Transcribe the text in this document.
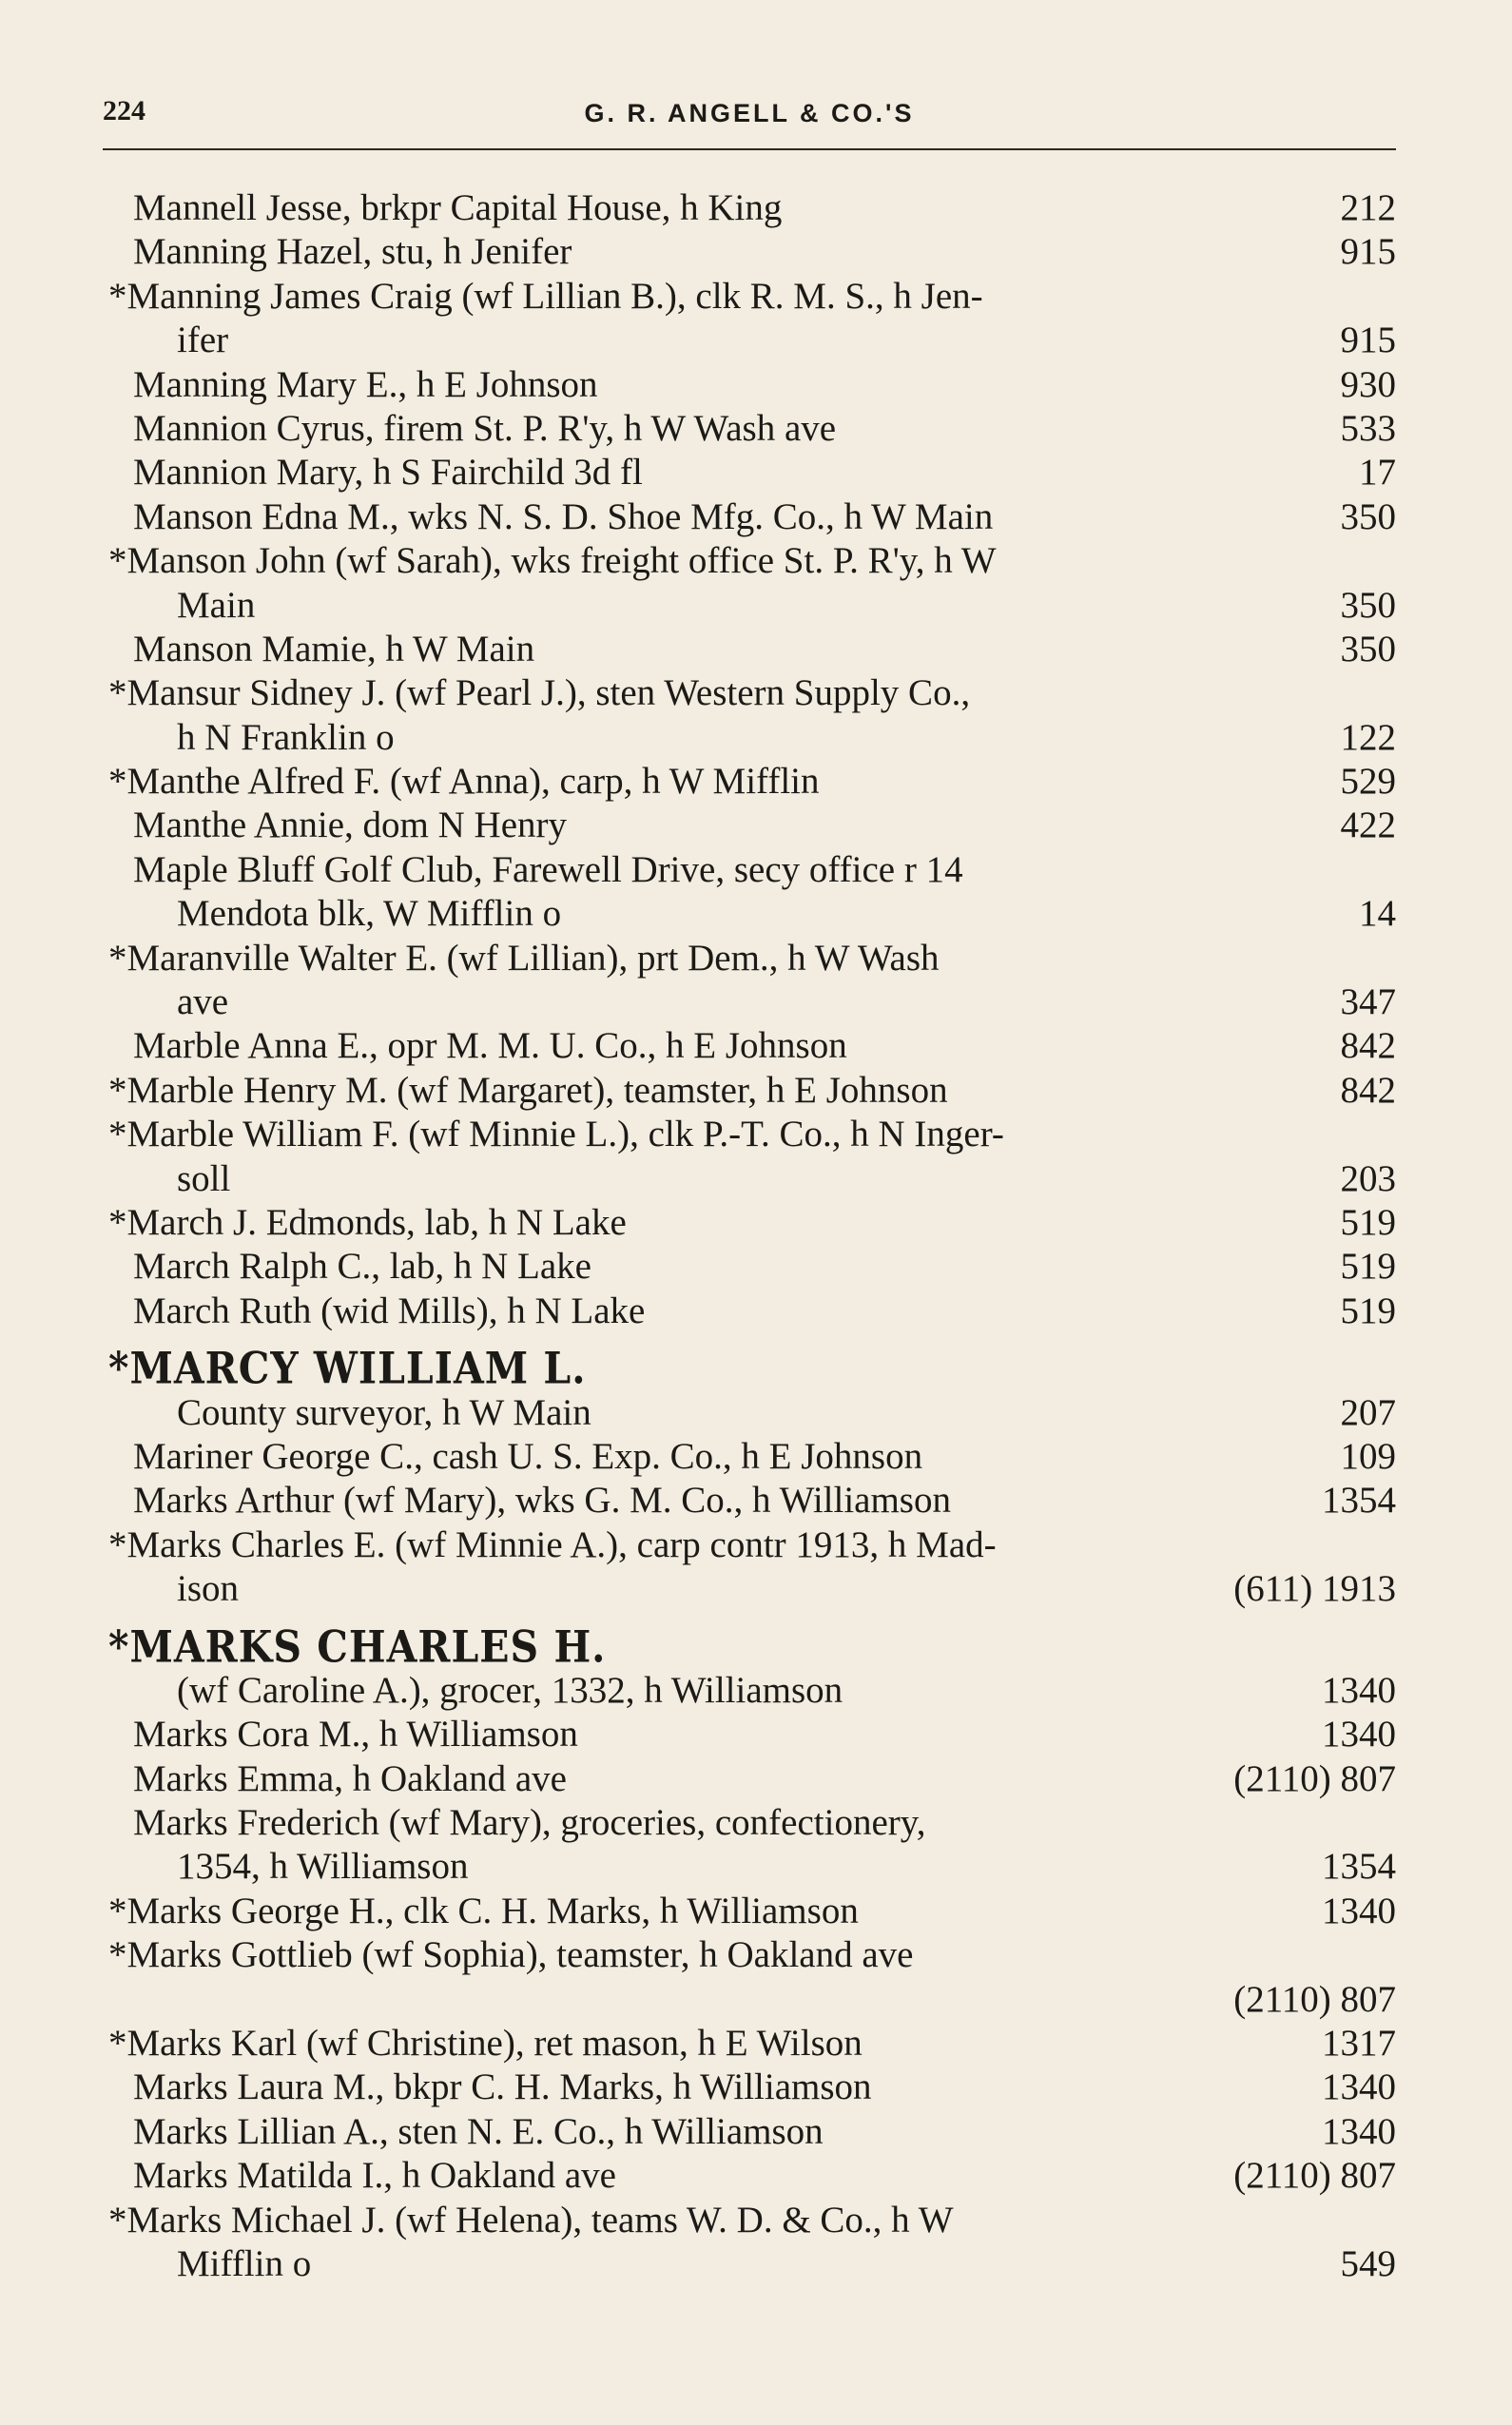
224	G. R. ANGELL & CO.'S
Mannell Jesse, brkpr Capital House, h King	212
Manning Hazel, stu, h Jenifer	915
*Manning James Craig (wf Lillian B.), clk R. M. S., h Jen-
ifer	915
Manning Mary E., h E Johnson	930
Mannion Cyrus, firem St. P. R'y, h W Wash ave	533
Mannion Mary, h S Fairchild 3d fl	17
Manson Edna M., wks N. S. D. Shoe Mfg. Co., h W Main	350
*Manson John (wf Sarah), wks freight office St. P. R'y, h W
Main	350
Manson Mamie, h W Main	350
*Mansur Sidney J. (wf Pearl J.), sten Western Supply Co.,
h N Franklin o	122
*Manthe Alfred F. (wf Anna), carp, h W Mifflin	529
Manthe Annie, dom N Henry	422
Maple Bluff Golf Club, Farewell Drive, secy office r 14
Mendota blk, W Mifflin o	14
*Maranville Walter E. (wf Lillian), prt Dem., h W Wash
ave	347
Marble Anna E., opr M. M. U. Co., h E Johnson	842
*Marble Henry M. (wf Margaret), teamster, h E Johnson	842
*Marble William F. (wf Minnie L.), clk P.-T. Co., h N Inger-
soll	203
*March J. Edmonds, lab, h N Lake	519
March Ralph C., lab, h N Lake	519
March Ruth (wid Mills), h N Lake	519
*MARCY WILLIAM L.
County surveyor, h W Main	207
Mariner George C., cash U. S. Exp. Co., h E Johnson	109
Marks Arthur (wf Mary), wks G. M. Co., h Williamson	1354
*Marks Charles E. (wf Minnie A.), carp contr 1913, h Mad-
ison	(611) 1913
*MARKS CHARLES H.
(wf Caroline A.), grocer, 1332, h Williamson	1340
Marks Cora M., h Williamson	1340
Marks Emma, h Oakland ave	(2110) 807
Marks Frederich (wf Mary), groceries, confectionery,
1354, h Williamson	1354
*Marks George H., clk C. H. Marks, h Williamson	1340
*Marks Gottlieb (wf Sophia), teamster, h Oakland ave
(2110) 807
*Marks Karl (wf Christine), ret mason, h E Wilson	1317
Marks Laura M., bkpr C. H. Marks, h Williamson	1340
Marks Lillian A., sten N. E. Co., h Williamson	1340
Marks Matilda I., h Oakland ave	(2110) 807
*Marks Michael J. (wf Helena), teams W. D. & Co., h W
Mifflin o	549
